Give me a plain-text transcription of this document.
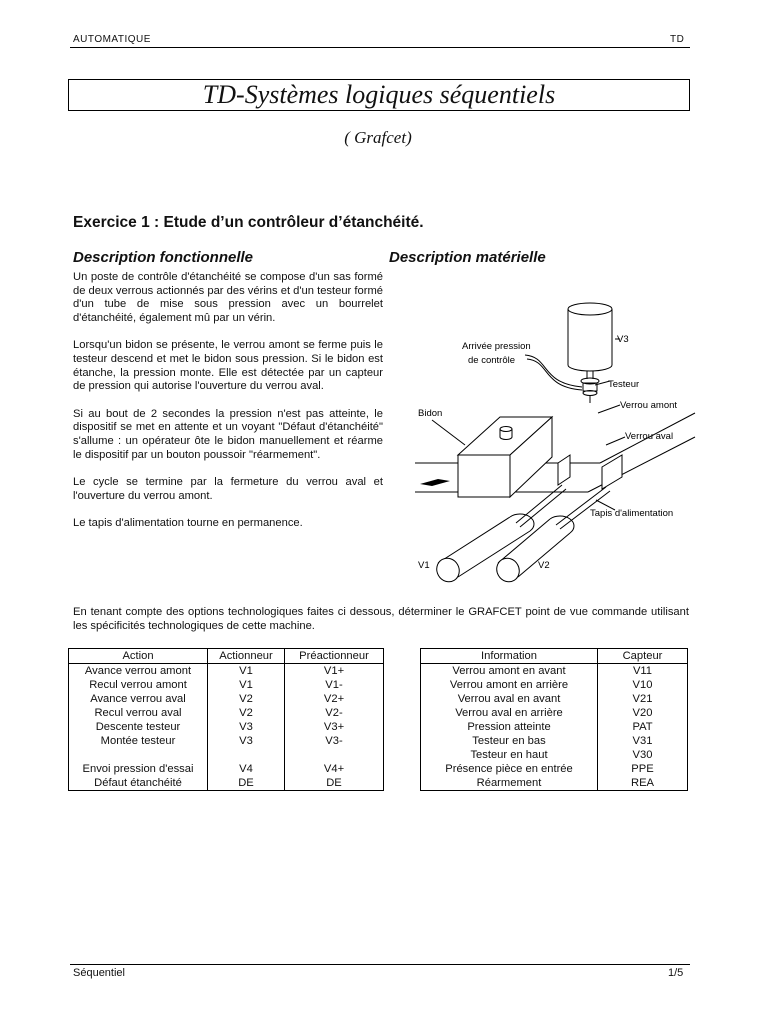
AUTOMATIQUE	TD
TD-Systèmes logiques séquentiels
( Grafcet)
Exercice 1 : Etude d’un contrôleur d’étanchéité.
Description fonctionnelle	Description matérielle

Un poste de contrôle d'étanchéité se compose d'un sas formé de deux verrous actionnés par des vérins et d'un testeur formé d'un tube de mise sous pression avec un bourrelet d'étanchéité, également mû par un vérin.

Lorsqu'un bidon se présente, le verrou amont se ferme puis le testeur descend et met le bidon sous pression. Si le bidon est étanche, la pression monte. Elle est détectée par un capteur de pression qui autorise l'ouverture du verrou aval.

Si au bout de 2 secondes la pression n'est pas atteinte, le dispositif se met en attente et un voyant "Défaut d'étanchéité" s'allume : un opérateur ôte le bidon manuellement et réarme le dispositif par un bouton poussoir "réarmement".

Le cycle se termine par la fermeture du verrou aval et l'ouverture du verrou amont.

Le tapis d'alimentation tourne en permanence.

V3
Arrivée pression
de contrôle
Testeur
Bidon
Verrou amont
Verrou aval
Tapis d'alimentation
V1	V2
En tenant compte des options technologiques faites ci dessous, déterminer le GRAFCET point de vue commande utilisant les spécificités technologiques de cette machine.
Action	Actionneur	Préactionneur
Avance verrou amont	V1	V1+
Recul verrou amont	V1	V1-
Avance verrou aval	V2	V2+
Recul verrou aval	V2	V2-
Descente testeur	V3	V3+
Montée testeur	V3	V3-

Envoi pression d'essai	V4	V4+
Défaut étanchéité	DE	DE
Information	Capteur
Verrou amont en avant	V11
Verrou amont en arrière	V10
Verrou aval en avant	V21
Verrou aval en arrière	V20
Pression atteinte	PAT
Testeur en bas	V31
Testeur en haut	V30
Présence pièce en entrée	PPE
Réarmement	REA
Séquentiel	1/5
